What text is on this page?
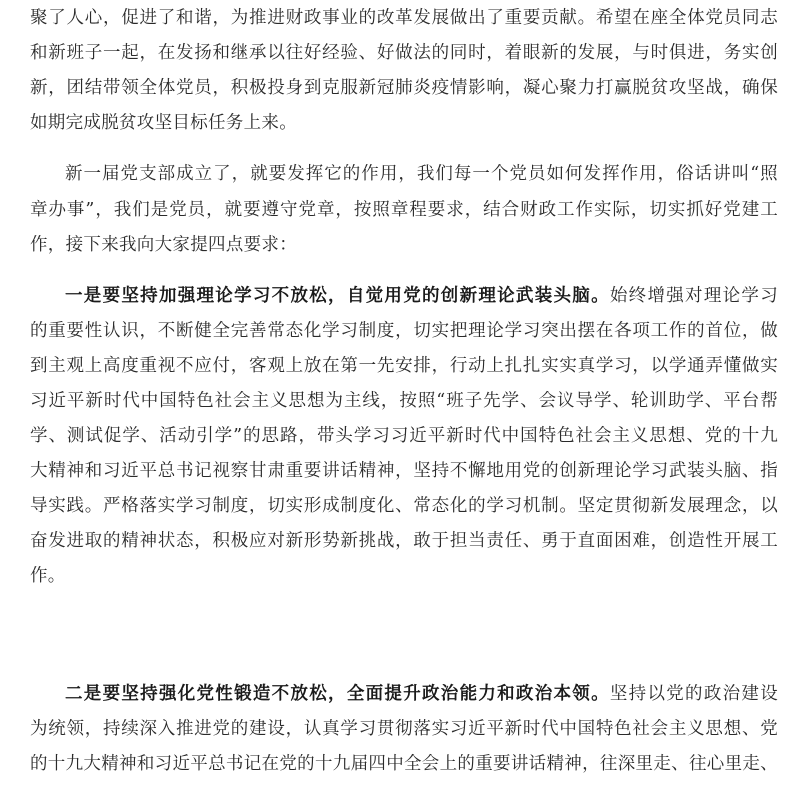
聚了人心，促进了和谐，为推进财政事业的改革发展做出了重要贡献。希望在座全体党员同志
和新班子一起，在发扬和继承以往好经验、好做法的同时，着眼新的发展，与时俱进，务实创
新，团结带领全体党员，积极投身到克服新冠肺炎疫情影响，凝心聚力打赢脱贫攻坚战，确保
如期完成脱贫攻坚目标任务上来。
新一届党支部成立了，就要发挥它的作用，我们每一个党员如何发挥作用，俗话讲叫“照
章办事”，我们是党员，就要遵守党章，按照章程要求，结合财政工作实际，切实抓好党建工
作，接下来我向大家提四点要求：
一是要坚持加强理论学习不放松，自觉用党的创新理论武装头脑。始终增强对理论学习
的重要性认识，不断健全完善常态化学习制度，切实把理论学习突出摆在各项工作的首位，做
到主观上高度重视不应付，客观上放在第一先安排，行动上扎扎实实真学习，以学通弄懂做实
习近平新时代中国特色社会主义思想为主线，按照“班子先学、会议导学、轮训助学、平台帮
学、测试促学、活动引学”的思路，带头学习习近平新时代中国特色社会主义思想、党的十九
大精神和习近平总书记视察甘肃重要讲话精神，坚持不懈地用党的创新理论学习武装头脑、指
导实践。严格落实学习制度，切实形成制度化、常态化的学习机制。坚定贯彻新发展理念，以
奋发进取的精神状态，积极应对新形势新挑战，敢于担当责任、勇于直面困难，创造性开展工
作。
二是要坚持强化党性锻造不放松，全面提升政治能力和政治本领。坚持以党的政治建设
为统领，持续深入推进党的建设，认真学习贯彻落实习近平新时代中国特色社会主义思想、党
的十九大精神和习近平总书记在党的十九届四中全会上的重要讲话精神，往深里走、往心里走、
